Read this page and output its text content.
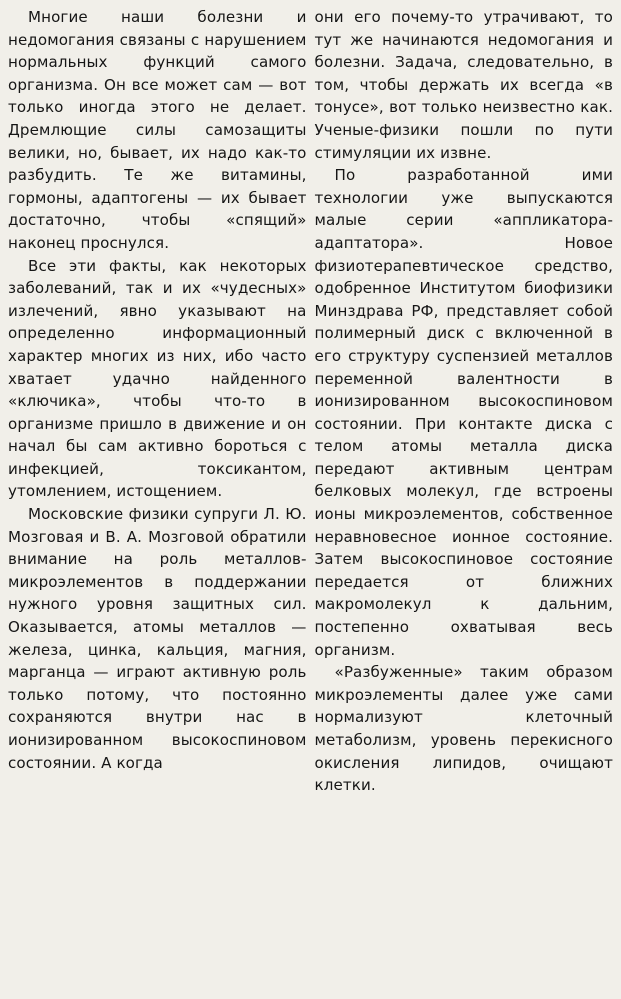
Многие наши болезни и недомогания связаны с нарушением нормальных функций самого организма. Он все может сам — вот только иногда этого не делает. Дремлющие силы самозащиты велики, но, бывает, их надо как-то разбудить. Те же витамины, гормоны, адаптогены — их бывает достаточно, чтобы «спящий» наконец проснулся.

Все эти факты, как некоторых заболеваний, так и их «чудесных» излечений, явно указывают на определенно информационный характер многих из них, ибо часто хватает удачно найденного «ключика», чтобы что-то в организме пришло в движение и он начал бы сам активно бороться с инфекцией, токсикантом, утомлением, истощением.

Московские физики супруги Л. Ю. Мозговая и В. А. Мозговой обратили внимание на роль металлов-микроэлементов в поддержании нужного уровня защитных сил. Оказывается, атомы металлов — железа, цинка, кальция, магния, марганца — играют активную роль только потому, что постоянно сохраняются внутри нас в ионизированном высокоспиновом состоянии. А когда

они его почему-то утрачивают, то тут же начинаются недомогания и болезни. Задача, следовательно, в том, чтобы держать их всегда «в тонусе», вот только неизвестно как. Ученые-физики пошли по пути стимуляции их извне.

По разработанной ими технологии уже выпускаются малые серии «аппликатора-адаптатора». Новое физиотерапевтическое средство, одобренное Институтом биофизики Минздрава РФ, представляет собой полимерный диск с включенной в его структуру суспензией металлов переменной валентности в ионизированном высокоспиновом состоянии. При контакте диска с телом атомы металла диска передают активным центрам белковых молекул, где встроены ионы микроэлементов, собственное неравновесное ионное состояние. Затем высокоспиновое состояние передается от ближних макромолекул к дальним, постепенно охватывая весь организм.

«Разбуженные» таким образом микроэлементы далее уже сами нормализуют клеточный метаболизм, уровень перекисного окисления липидов, очищают клетки.
